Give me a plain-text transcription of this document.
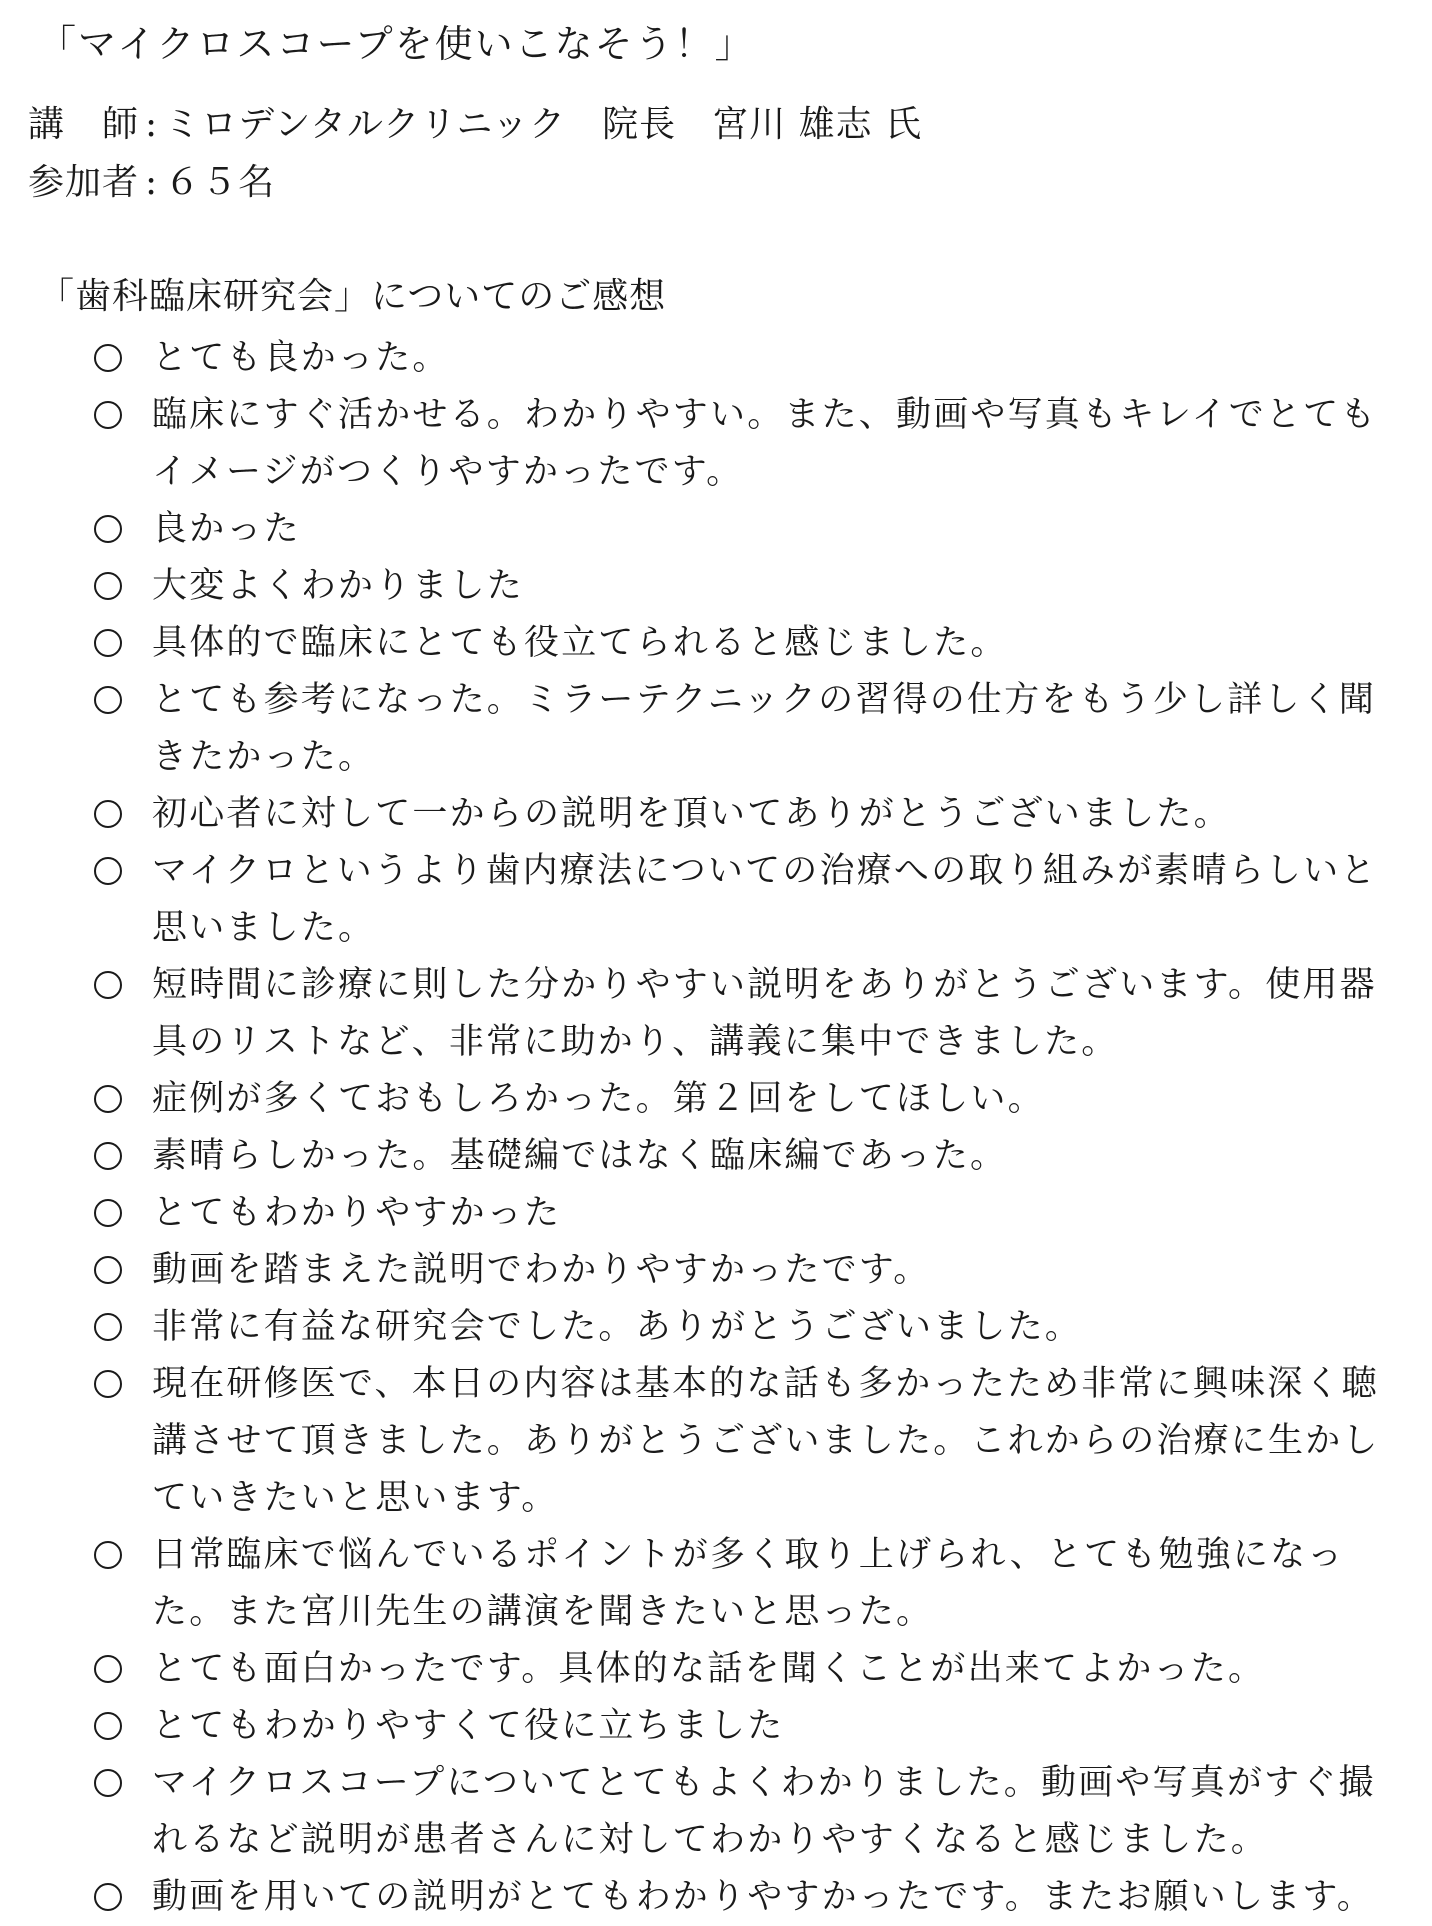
「マイクロスコープを使いこなそう！」
講　師 : ミロデンタルクリニック 院長 宮川 雄志 氏
参加者 : ６５名
「歯科臨床研究会」についてのご感想
とても良かった。
臨床にすぐ活かせる。わかりやすい。また、動画や写真もキレイでとてもイメージがつくりやすかったです。
良かった
大変よくわかりました
具体的で臨床にとても役立てられると感じました。
とても参考になった。ミラーテクニックの習得の仕方をもう少し詳しく聞きたかった。
初心者に対して一からの説明を頂いてありがとうございました。
マイクロというより歯内療法についての治療への取り組みが素晴らしいと思いました。
短時間に診療に則した分かりやすい説明をありがとうございます。使用器具のリストなど、非常に助かり、講義に集中できました。
症例が多くておもしろかった。第２回をしてほしい。
素晴らしかった。基礎編ではなく臨床編であった。
とてもわかりやすかった
動画を踏まえた説明でわかりやすかったです。
非常に有益な研究会でした。ありがとうございました。
現在研修医で、本日の内容は基本的な話も多かったため非常に興味深く聴講させて頂きました。ありがとうございました。これからの治療に生かしていきたいと思います。
日常臨床で悩んでいるポイントが多く取り上げられ、とても勉強になった。また宮川先生の講演を聞きたいと思った。
とても面白かったです。具体的な話を聞くことが出来てよかった。
とてもわかりやすくて役に立ちました
マイクロスコープについてとてもよくわかりました。動画や写真がすぐ撮れるなど説明が患者さんに対してわかりやすくなると感じました。
動画を用いての説明がとてもわかりやすかったです。またお願いします。
